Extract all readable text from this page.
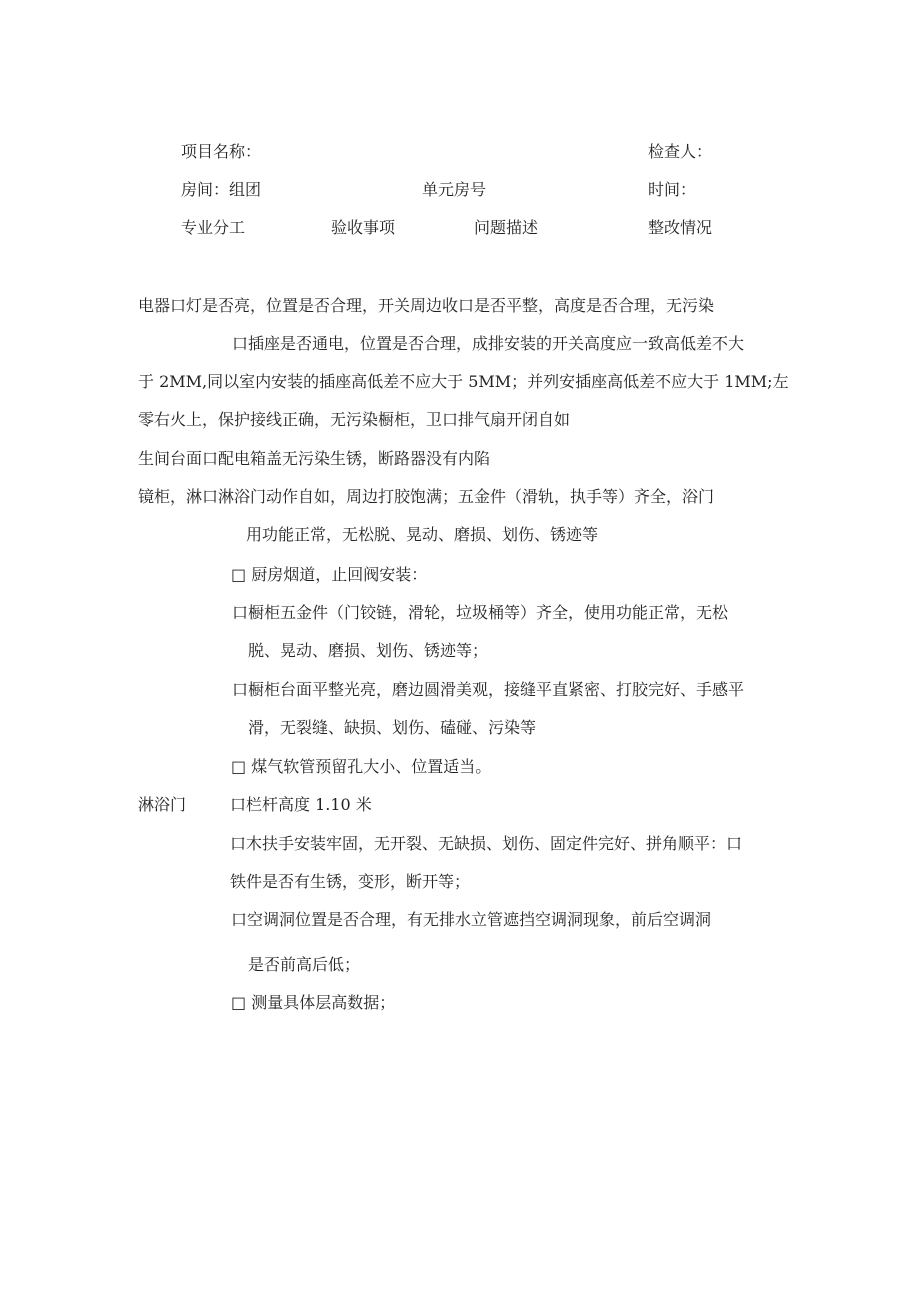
项目名称：	检查人：
房间：组团	单元房号	时间：
专业分工	验收事项	问题描述	整改情况
电器口灯是否亮，位置是否合理，开关周边收口是否平整，高度是否合理，无污染
口插座是否通电，位置是否合理，成排安装的开关高度应一致高低差不大
于 2MM,同以室内安装的插座高低差不应大于 5MM；并列安插座高低差不应大于 1MM;左
零右火上，保护接线正确，无污染橱柜，卫口排气扇开闭自如
生间台面口配电箱盖无污染生锈，断路器没有内陷
镜柜，淋口淋浴门动作自如，周边打胶饱满；五金件（滑轨，执手等）齐全，浴门
用功能正常，无松脱、晃动、磨损、划伤、锈迹等
□ 厨房烟道，止回阀安装：
口橱柜五金件（门铰链，滑轮，垃圾桶等）齐全，使用功能正常，无松
脱、晃动、磨损、划伤、锈迹等；
口橱柜台面平整光亮，磨边圆滑美观，接缝平直紧密、打胶完好、手感平
滑，无裂缝、缺损、划伤、磕碰、污染等
□ 煤气软管预留孔大小、位置适当。
淋浴门	口栏杆高度 1.10 米
口木扶手安装牢固，无开裂、无缺损、划伤、固定件完好、拼角顺平：口
铁件是否有生锈，变形，断开等；
口空调洞位置是否合理，有无排水立管遮挡空调洞现象，前后空调洞
是否前高后低；
□ 测量具体层高数据；
